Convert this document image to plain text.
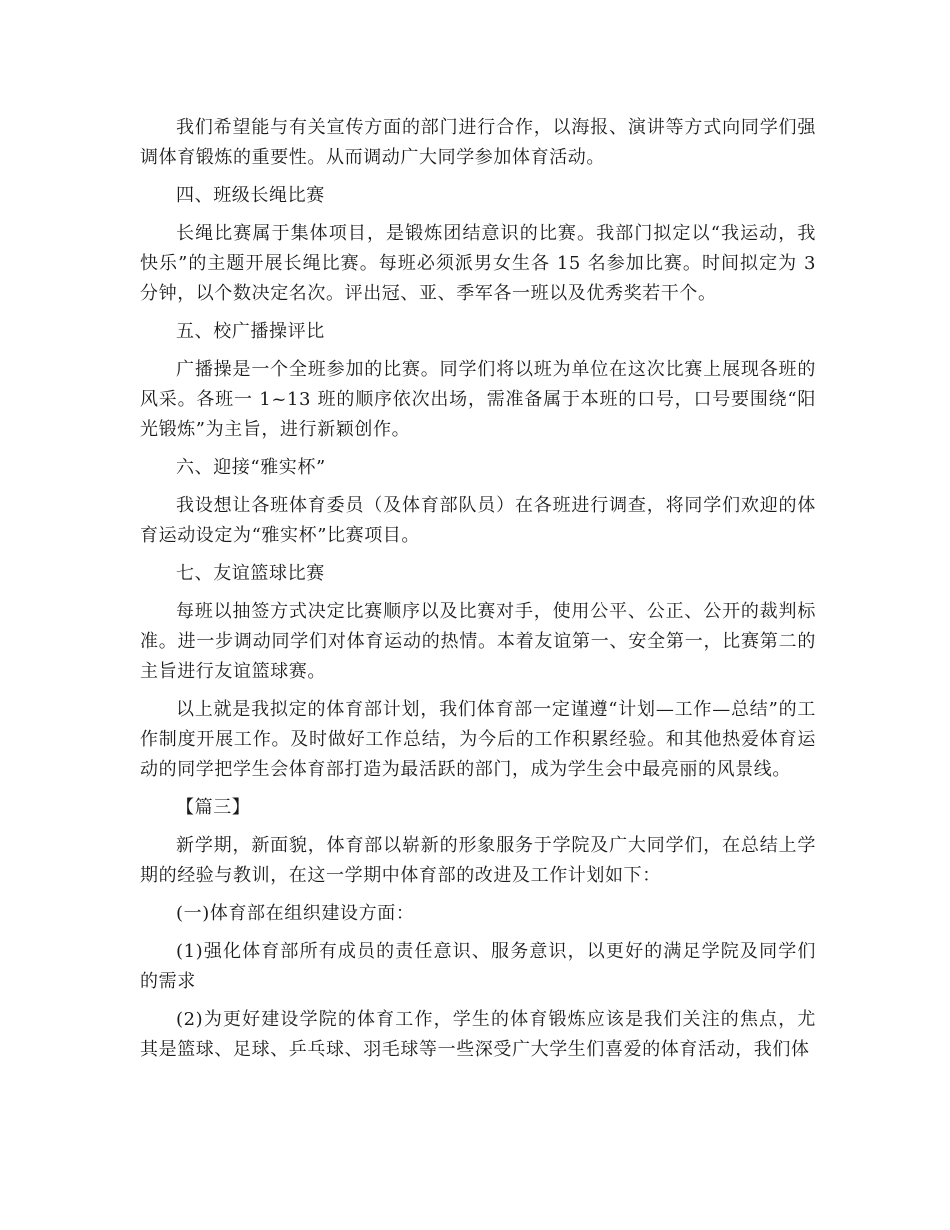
我们希望能与有关宣传方面的部门进行合作，以海报、演讲等方式向同学们强调体育锻炼的重要性。从而调动广大同学参加体育活动。

四、班级长绳比赛

长绳比赛属于集体项目，是锻炼团结意识的比赛。我部门拟定以“我运动，我快乐”的主题开展长绳比赛。每班必须派男女生各 15 名参加比赛。时间拟定为 3 分钟，以个数决定名次。评出冠、亚、季军各一班以及优秀奖若干个。

五、校广播操评比

广播操是一个全班参加的比赛。同学们将以班为单位在这次比赛上展现各班的风采。各班一 1~13 班的顺序依次出场，需准备属于本班的口号，口号要围绕“阳光锻炼”为主旨，进行新颖创作。

六、迎接“雅实杯”

我设想让各班体育委员（及体育部队员）在各班进行调查，将同学们欢迎的体育运动设定为“雅实杯”比赛项目。

七、友谊篮球比赛

每班以抽签方式决定比赛顺序以及比赛对手，使用公平、公正、公开的裁判标准。进一步调动同学们对体育运动的热情。本着友谊第一、安全第一，比赛第二的主旨进行友谊篮球赛。

以上就是我拟定的体育部计划，我们体育部一定谨遵“计划—工作—总结”的工作制度开展工作。及时做好工作总结，为今后的工作积累经验。和其他热爱体育运动的同学把学生会体育部打造为最活跃的部门，成为学生会中最亮丽的风景线。

【篇三】

新学期，新面貌，体育部以崭新的形象服务于学院及广大同学们，在总结上学期的经验与教训，在这一学期中体育部的改进及工作计划如下：

(一)体育部在组织建设方面：

(1)强化体育部所有成员的责任意识、服务意识，以更好的满足学院及同学们的需求

(2)为更好建设学院的体育工作，学生的体育锻炼应该是我们关注的焦点，尤其是篮球、足球、乒乓球、羽毛球等一些深受广大学生们喜爱的体育活动，我们体
